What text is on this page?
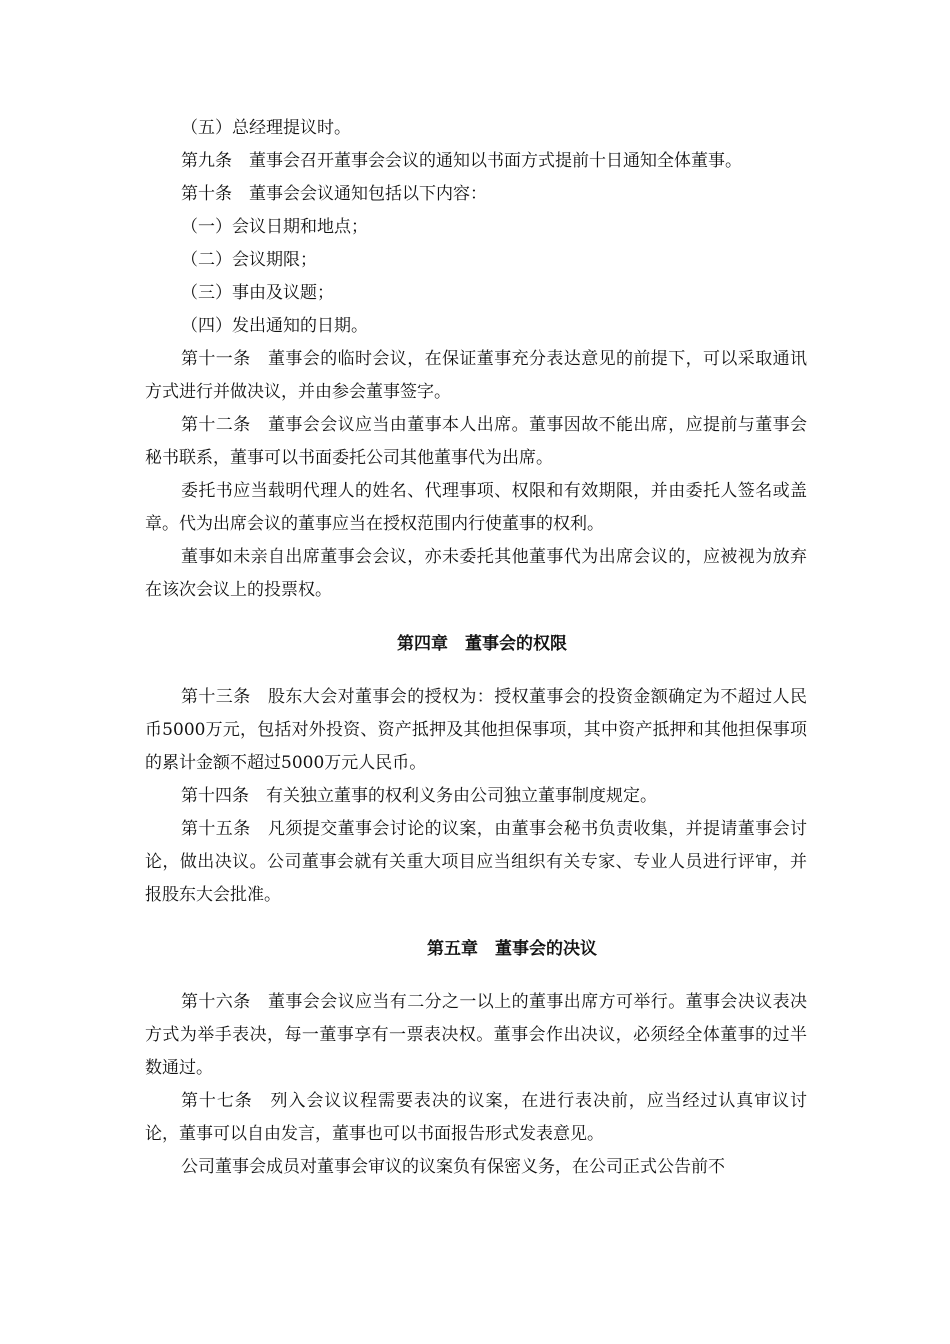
（五）总经理提议时。

第九条　董事会召开董事会会议的通知以书面方式提前十日通知全体董事。

第十条　董事会会议通知包括以下内容：

（一）会议日期和地点；

（二）会议期限；

（三）事由及议题；

（四）发出通知的日期。

第十一条　董事会的临时会议，在保证董事充分表达意见的前提下，可以采取通讯方式进行并做决议，并由参会董事签字。

第十二条　董事会会议应当由董事本人出席。董事因故不能出席，应提前与董事会秘书联系，董事可以书面委托公司其他董事代为出席。

委托书应当载明代理人的姓名、代理事项、权限和有效期限，并由委托人签名或盖章。代为出席会议的董事应当在授权范围内行使董事的权利。

董事如未亲自出席董事会会议，亦未委托其他董事代为出席会议的，应被视为放弃在该次会议上的投票权。

第四章　董事会的权限

第十三条　股东大会对董事会的授权为：授权董事会的投资金额确定为不超过人民币5000万元，包括对外投资、资产抵押及其他担保事项，其中资产抵押和其他担保事项的累计金额不超过5000万元人民币。

第十四条　有关独立董事的权利义务由公司独立董事制度规定。

第十五条　凡须提交董事会讨论的议案，由董事会秘书负责收集，并提请董事会讨论，做出决议。公司董事会就有关重大项目应当组织有关专家、专业人员进行评审，并报股东大会批准。

第五章　董事会的决议

第十六条　董事会会议应当有二分之一以上的董事出席方可举行。董事会决议表决方式为举手表决，每一董事享有一票表决权。董事会作出决议，必须经全体董事的过半数通过。

第十七条　列入会议议程需要表决的议案，在进行表决前，应当经过认真审议讨论，董事可以自由发言，董事也可以书面报告形式发表意见。

公司董事会成员对董事会审议的议案负有保密义务，在公司正式公告前不
